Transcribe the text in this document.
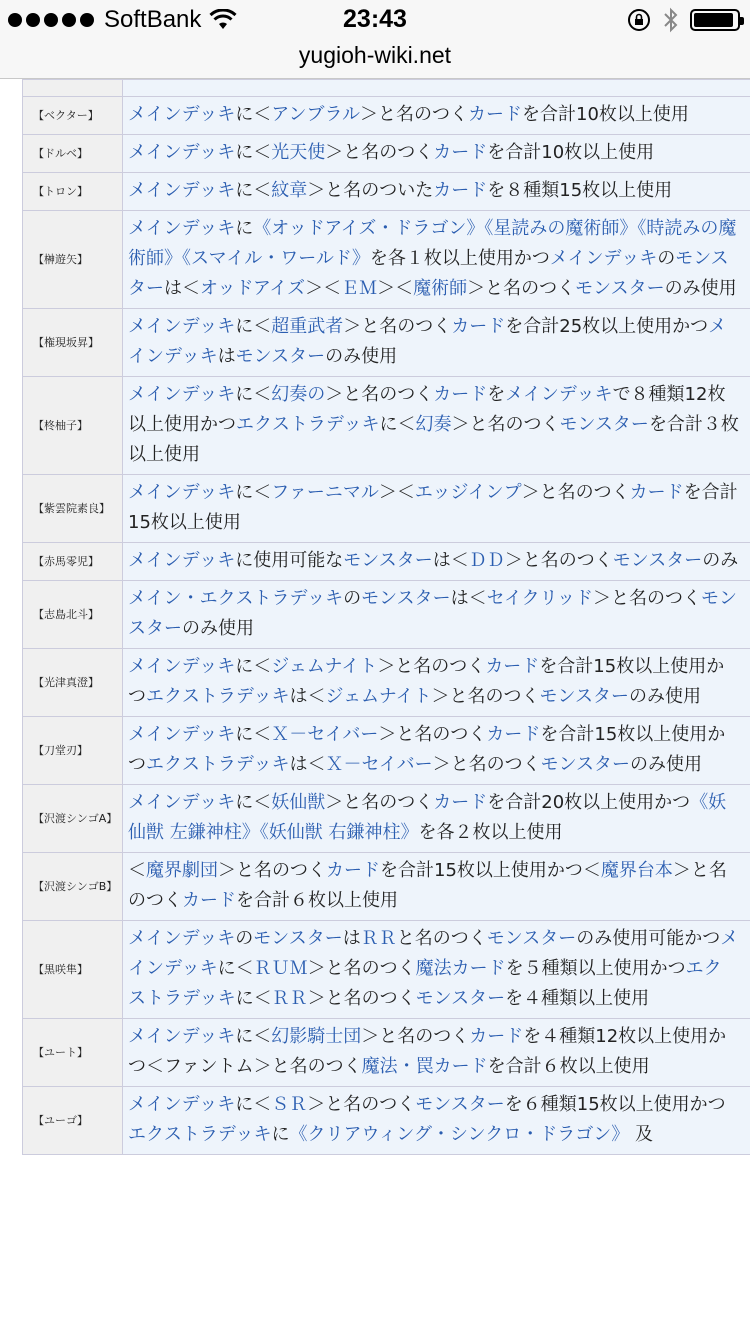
SoftBank	23:43
yugioh-wiki.net

【ベクター】	メインデッキに＜アンブラル＞と名のつくカードを合計10枚以上使用
【ドルベ】	メインデッキに＜光天使＞と名のつくカードを合計10枚以上使用
【トロン】	メインデッキに＜紋章＞と名のついたカードを８種類15枚以上使用
【榊遊矢】	メインデッキに《オッドアイズ・ドラゴン》《星読みの魔術師》《時読みの魔術師》《スマイル・ワールド》を各１枚以上使用かつメインデッキのモンスターは＜オッドアイズ＞＜ＥＭ＞＜魔術師＞と名のつくモンスターのみ使用
【権現坂昇】	メインデッキに＜超重武者＞と名のつくカードを合計25枚以上使用かつメインデッキはモンスターのみ使用
【柊柚子】	メインデッキに＜幻奏の＞と名のつくカードをメインデッキで８種類12枚以上使用かつエクストラデッキに＜幻奏＞と名のつくモンスターを合計３枚以上使用
【紫雲院素良】	メインデッキに＜ファーニマル＞＜エッジインプ＞と名のつくカードを合計15枚以上使用
【赤馬零児】	メインデッキに使用可能なモンスターは＜ＤＤ＞と名のつくモンスターのみ
【志島北斗】	メイン・エクストラデッキのモンスターは＜セイクリッド＞と名のつくモンスターのみ使用
【光津真澄】	メインデッキに＜ジェムナイト＞と名のつくカードを合計15枚以上使用かつエクストラデッキは＜ジェムナイト＞と名のつくモンスターのみ使用
【刀堂刃】	メインデッキに＜Ｘ－セイバー＞と名のつくカードを合計15枚以上使用かつエクストラデッキは＜Ｘ－セイバー＞と名のつくモンスターのみ使用
【沢渡シンゴA】	メインデッキに＜妖仙獣＞と名のつくカードを合計20枚以上使用かつ《妖仙獣 左鎌神柱》《妖仙獣 右鎌神柱》を各２枚以上使用
【沢渡シンゴB】	＜魔界劇団＞と名のつくカードを合計15枚以上使用かつ＜魔界台本＞と名のつくカードを合計６枚以上使用
【黒咲隼】	メインデッキのモンスターはＲＲと名のつくモンスターのみ使用可能かつメインデッキに＜ＲＵＭ＞と名のつく魔法カードを５種類以上使用かつエクストラデッキに＜ＲＲ＞と名のつくモンスターを４種類以上使用
【ユート】	メインデッキに＜幻影騎士団＞と名のつくカードを４種類12枚以上使用かつ＜ファントム＞と名のつく魔法・罠カードを合計６枚以上使用
【ユーゴ】	メインデッキに＜ＳＲ＞と名のつくモンスターを６種類15枚以上使用かつエクストラデッキに《クリアウィング・シンクロ・ドラゴン》 及
